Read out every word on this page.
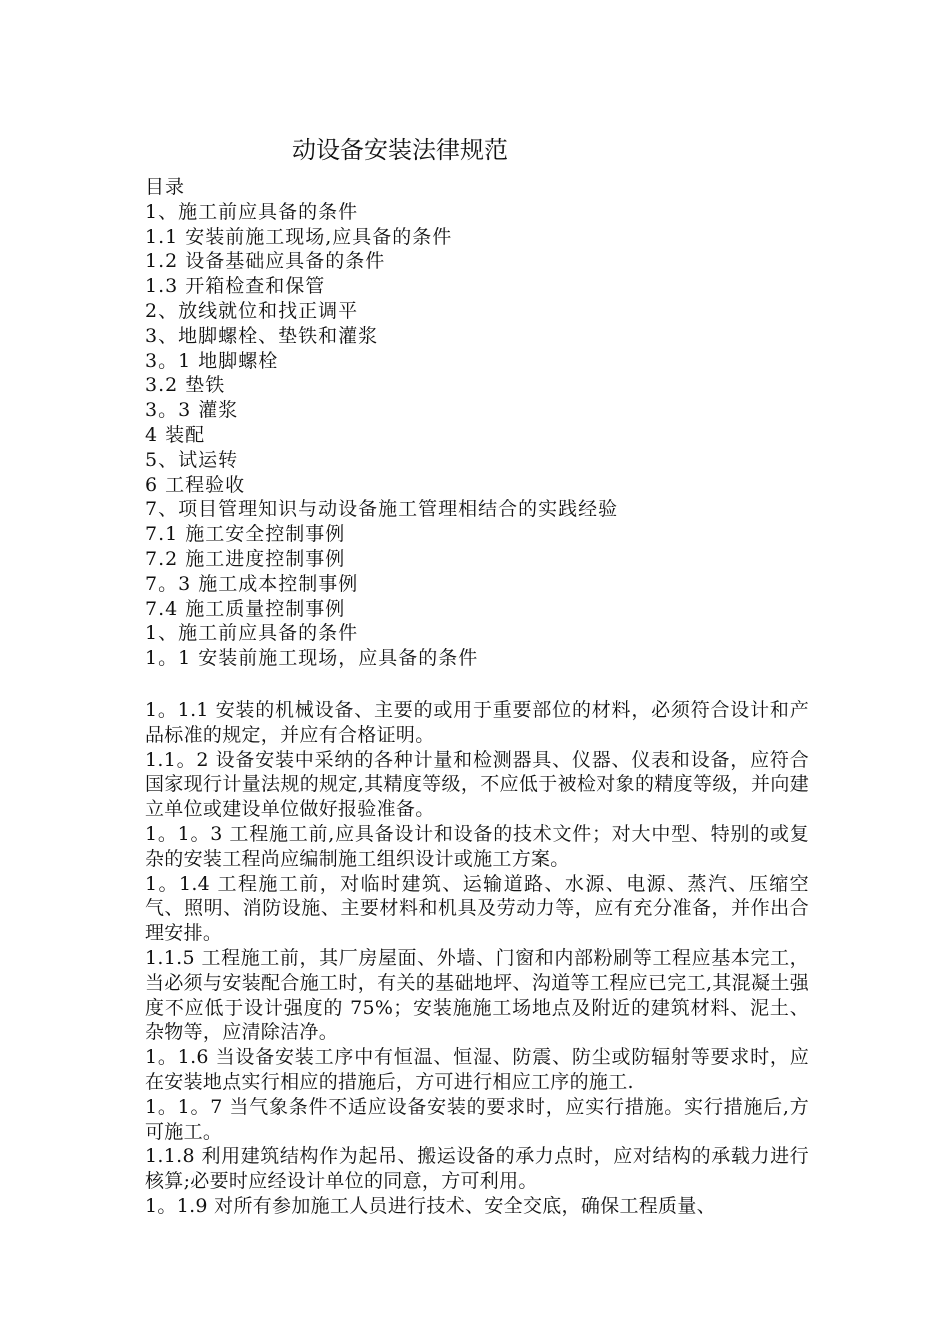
动设备安装法律规范
目录
1、施工前应具备的条件
1.1 安装前施工现场,应具备的条件
1.2 设备基础应具备的条件
1.3 开箱检查和保管
2、放线就位和找正调平
3、地脚螺栓、垫铁和灌浆
3。1 地脚螺栓
3.2 垫铁
3。3 灌浆
4 装配
5、试运转
6 工程验收
7、项目管理知识与动设备施工管理相结合的实践经验
7.1 施工安全控制事例
7.2 施工进度控制事例
7。3 施工成本控制事例
7.4 施工质量控制事例
1、施工前应具备的条件
1。1 安装前施工现场，应具备的条件

1。1.1 安装的机械设备、主要的或用于重要部位的材料，必须符合设计和产品标准的规定，并应有合格证明。

1.1。2 设备安装中采纳的各种计量和检测器具、仪器、仪表和设备，应符合国家现行计量法规的规定,其精度等级，不应低于被检对象的精度等级，并向建立单位或建设单位做好报验准备。

1。1。3 工程施工前,应具备设计和设备的技术文件；对大中型、特别的或复杂的安装工程尚应编制施工组织设计或施工方案。

1。1.4 工程施工前，对临时建筑、运输道路、水源、电源、蒸汽、压缩空气、照明、消防设施、主要材料和机具及劳动力等，应有充分准备，并作出合理安排。

1.1.5 工程施工前，其厂房屋面、外墙、门窗和内部粉刷等工程应基本完工，当必须与安装配合施工时，有关的基础地坪、沟道等工程应已完工,其混凝土强度不应低于设计强度的 75%；安装施施工场地点及附近的建筑材料、泥土、杂物等，应清除洁净。

1。1.6 当设备安装工序中有恒温、恒湿、防震、防尘或防辐射等要求时，应在安装地点实行相应的措施后，方可进行相应工序的施工.

1。1。7 当气象条件不适应设备安装的要求时，应实行措施。实行措施后,方可施工。

1.1.8 利用建筑结构作为起吊、搬运设备的承力点时，应对结构的承载力进行核算;必要时应经设计单位的同意，方可利用。

1。1.9 对所有参加施工人员进行技术、安全交底，确保工程质量、
